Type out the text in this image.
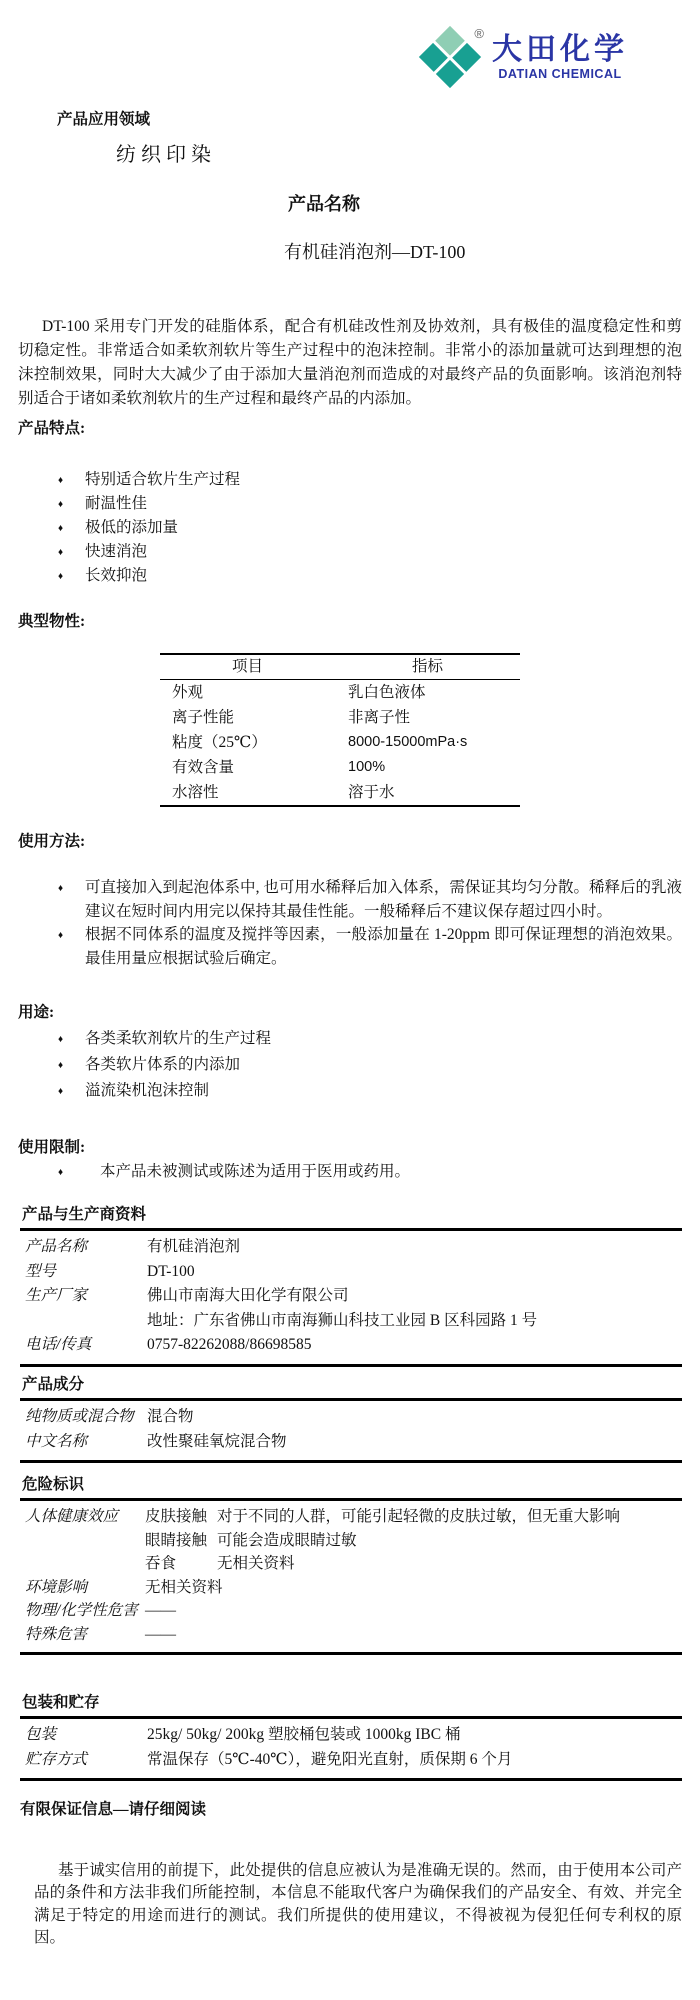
® 大田化学
DATIAN CHEMICAL
产品应用领域
纺织印染
产品名称
有机硅消泡剂—DT-100

DT-100 采用专门开发的硅脂体系，配合有机硅改性剂及协效剂，具有极佳的温度稳定性和剪切稳定性。非常适合如柔软剂软片等生产过程中的泡沫控制。非常小的添加量就可达到理想的泡沫控制效果，同时大大减少了由于添加大量消泡剂而造成的对最终产品的负面影响。该消泡剂特别适合于诸如柔软剂软片的生产过程和最终产品的内添加。

产品特点:
♦ 特别适合软片生产过程
♦ 耐温性佳
♦ 极低的添加量
♦ 快速消泡
♦ 长效抑泡
典型物性:
项目	指标
外观	乳白色液体
离子性能	非离子性
粘度（25℃）	8000-15000mPa·s
有效含量	100%
水溶性	溶于水
使用方法:
♦ 可直接加入到起泡体系中, 也可用水稀释后加入体系，需保证其均匀分散。稀释后的乳液建议在短时间内用完以保持其最佳性能。一般稀释后不建议保存超过四小时。
♦ 根据不同体系的温度及搅拌等因素，一般添加量在 1-20ppm 即可保证理想的消泡效果。最佳用量应根据试验后确定。
用途:
♦ 各类柔软剂软片的生产过程
♦ 各类软片体系的内添加
♦ 溢流染机泡沫控制
使用限制:
♦ 本产品未被测试或陈述为适用于医用或药用。
产品与生产商资料
产品名称	有机硅消泡剂
型号	DT-100
生产厂家	佛山市南海大田化学有限公司
地址：广东省佛山市南海狮山科技工业园 B 区科园路 1 号
电话/传真	0757-82262088/86698585
产品成分
纯物质或混合物 混合物
中文名称	改性聚硅氧烷混合物
危险标识
人体健康效应	皮肤接触 对于不同的人群，可能引起轻微的皮肤过敏，但无重大影响
眼睛接触 可能会造成眼睛过敏
吞食	无相关资料
环境影响	无相关资料
物理/化学性危害 ——
特殊危害	——
包装和贮存
包装	25kg/ 50kg/ 200kg 塑胶桶包装或 1000kg IBC 桶
贮存方式	常温保存（5℃-40℃），避免阳光直射，质保期 6 个月
有限保证信息—请仔细阅读

基于诚实信用的前提下，此处提供的信息应被认为是准确无误的。然而，由于使用本公司产品的条件和方法非我们所能控制，本信息不能取代客户为确保我们的产品安全、有效、并完全满足于特定的用途而进行的测试。我们所提供的使用建议，不得被视为侵犯任何专利权的原因。
